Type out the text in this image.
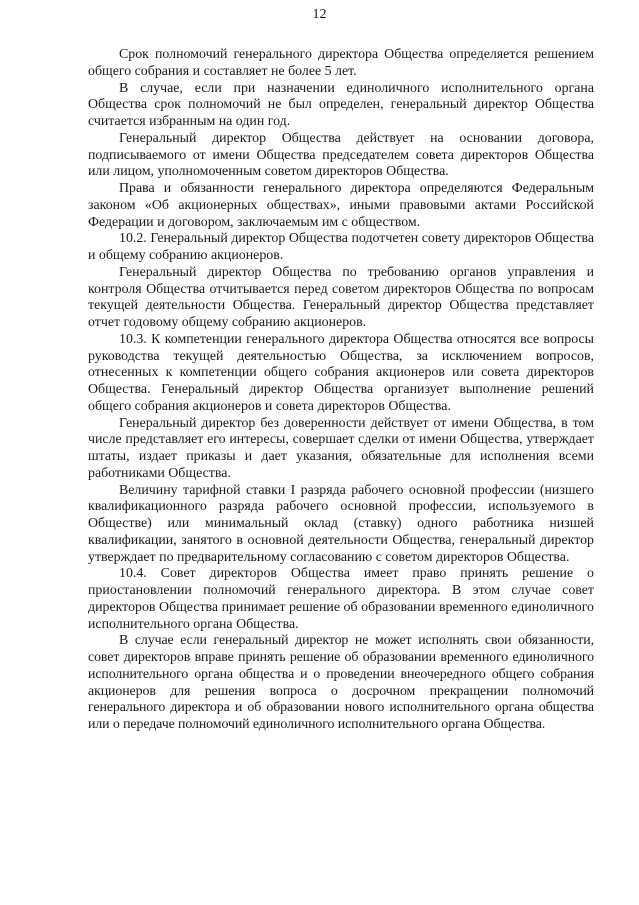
12

Срок полномочий генерального директора Общества определяется решением общего собрания и составляет не более 5 лет.

В случае, если при назначении единоличного исполнительного органа Общества срок полномочий не был определен, генеральный директор Общества считается избранным на один год.

Генеральный директор Общества действует на основании договора, подписываемого от имени Общества председателем совета директоров Общества или лицом, уполномоченным советом директоров Общества.

Права и обязанности генерального директора определяются Федеральным законом «Об акционерных обществах», иными правовыми актами Российской Федерации и договором, заключаемым им с обществом.

10.2. Генеральный директор Общества подотчетен совету директоров Общества и общему собранию акционеров.

Генеральный директор Общества по требованию органов управления и контроля Общества отчитывается перед советом директоров Общества по вопросам текущей деятельности Общества. Генеральный директор Общества представляет отчет годовому общему собранию акционеров.

10.3. К компетенции генерального директора Общества относятся все вопросы руководства текущей деятельностью Общества, за исключением вопросов, отнесенных к компетенции общего собрания акционеров или совета директоров Общества. Генеральный директор Общества организует выполнение решений общего собрания акционеров и совета директоров Общества.

Генеральный директор без доверенности действует от имени Общества, в том числе представляет его интересы, совершает сделки от имени Общества, утверждает штаты, издает приказы и дает указания, обязательные для исполнения всеми работниками Общества.

Величину тарифной ставки I разряда рабочего основной профессии (низшего квалификационного разряда рабочего основной профессии, используемого в Обществе) или минимальный оклад (ставку) одного работника низшей квалификации, занятого в основной деятельности Общества, генеральный директор утверждает по предварительному согласованию с советом директоров Общества.

10.4. Совет директоров Общества имеет право принять решение о приостановлении полномочий генерального директора. В этом случае совет директоров Общества принимает решение об образовании временного единоличного исполнительного органа Общества.

В случае если генеральный директор не может исполнять свои обязанности, совет директоров вправе принять решение об образовании временного единоличного исполнительного органа общества и о проведении внеочередного общего собрания акционеров для решения вопроса о досрочном прекращении полномочий генерального директора и об образовании нового исполнительного органа общества или о передаче полномочий единоличного исполнительного органа Общества.
